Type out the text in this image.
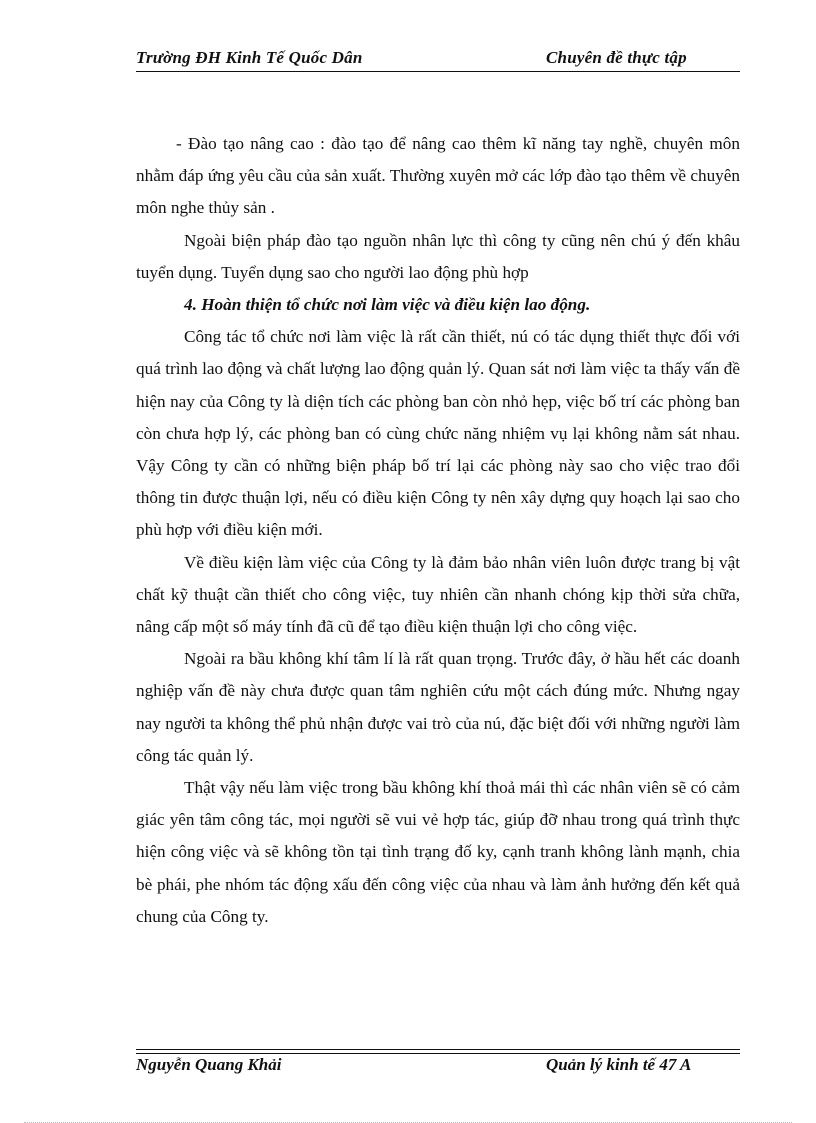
Trường ĐH Kinh Tế Quốc Dân	Chuyên đề thực tập

- Đào tạo nâng cao : đào tạo để nâng cao thêm kĩ năng tay nghề, chuyên môn nhằm đáp ứng yêu cầu của sản xuất. Thường xuyên mở các lớp đào tạo thêm về chuyên môn nghe thủy sản .

Ngoài biện pháp đào tạo nguồn nhân lực thì công ty cũng nên chú ý đến khâu tuyển dụng. Tuyển dụng sao cho người lao động phù hợp

4. Hoàn thiện tổ chức nơi làm việc và điều kiện lao động.

Công tác tổ chức nơi làm việc là rất cần thiết, nú có tác dụng thiết thực đối với quá trình lao động và chất lượng lao động quản lý. Quan sát nơi làm việc ta thấy vấn đề hiện nay của Công ty là diện tích các phòng ban còn nhỏ hẹp, việc bố trí các phòng ban còn chưa hợp lý, các phòng ban có cùng chức năng nhiệm vụ lại không nằm sát nhau. Vậy Công ty cần có những biện pháp bố trí lại các phòng này sao cho việc trao đổi thông tin được thuận lợi, nếu có điều kiện Công ty nên xây dựng quy hoạch lại sao cho phù hợp với điều kiện mới.

Về điều kiện làm việc của Công ty là đảm bảo nhân viên luôn được trang bị vật chất kỹ thuật cần thiết cho công việc, tuy nhiên cần nhanh chóng kịp thời sửa chữa, nâng cấp một số máy tính đã cũ để tạo điều kiện thuận lợi cho công việc.

Ngoài ra bầu không khí tâm lí là rất quan trọng. Trước đây, ở hầu hết các doanh nghiệp vấn đề này chưa được quan tâm nghiên cứu một cách đúng mức. Nhưng ngay nay người ta không thể phủ nhận được vai trò của nú, đặc biệt đối với những người làm công tác quản lý.

Thật vậy nếu làm việc trong bầu không khí thoả mái thì các nhân viên sẽ có cảm giác yên tâm công tác, mọi người sẽ vui vẻ hợp tác, giúp đỡ nhau trong quá trình thực hiện công việc và sẽ không tồn tại tình trạng đố ky, cạnh tranh không lành mạnh, chia bè phái, phe nhóm tác động xấu đến công việc của nhau và làm ảnh hưởng đến kết quả chung của Công ty.

Nguyễn Quang Khải	Quản lý kinh tế 47 A
